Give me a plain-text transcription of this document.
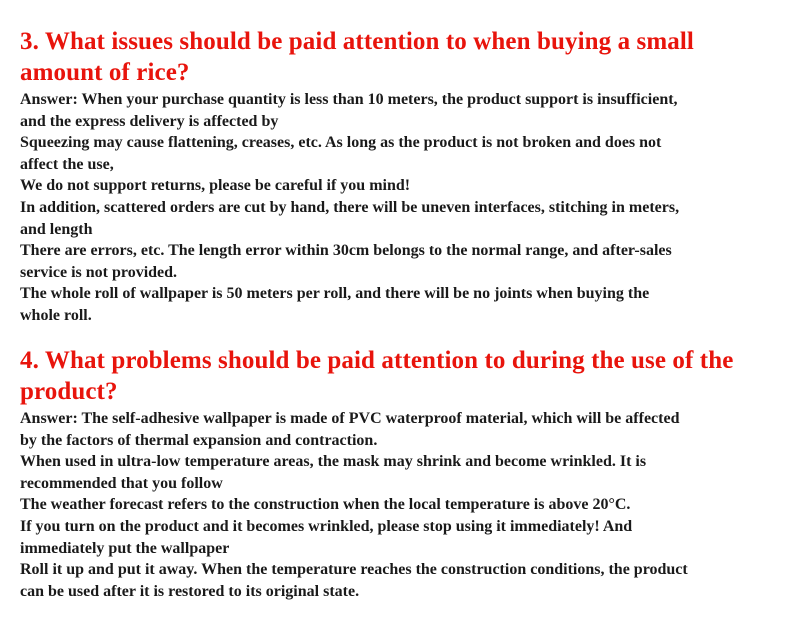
3. What issues should be paid attention to when buying a small
amount of rice?
Answer: When your purchase quantity is less than 10 meters, the product support is insufficient,
and the express delivery is affected by
Squeezing may cause flattening, creases, etc. As long as the product is not broken and does not
affect the use,
We do not support returns, please be careful if you mind!
In addition, scattered orders are cut by hand, there will be uneven interfaces, stitching in meters,
and length
There are errors, etc. The length error within 30cm belongs to the normal range, and after-sales
service is not provided.
The whole roll of wallpaper is 50 meters per roll, and there will be no joints when buying the
whole roll.
4. What problems should be paid attention to during the use of the
product?
Answer: The self-adhesive wallpaper is made of PVC waterproof material, which will be affected
by the factors of thermal expansion and contraction.
When used in ultra-low temperature areas, the mask may shrink and become wrinkled. It is
recommended that you follow
The weather forecast refers to the construction when the local temperature is above 20°C.
If you turn on the product and it becomes wrinkled, please stop using it immediately! And
immediately put the wallpaper
Roll it up and put it away. When the temperature reaches the construction conditions, the product
can be used after it is restored to its original state.
